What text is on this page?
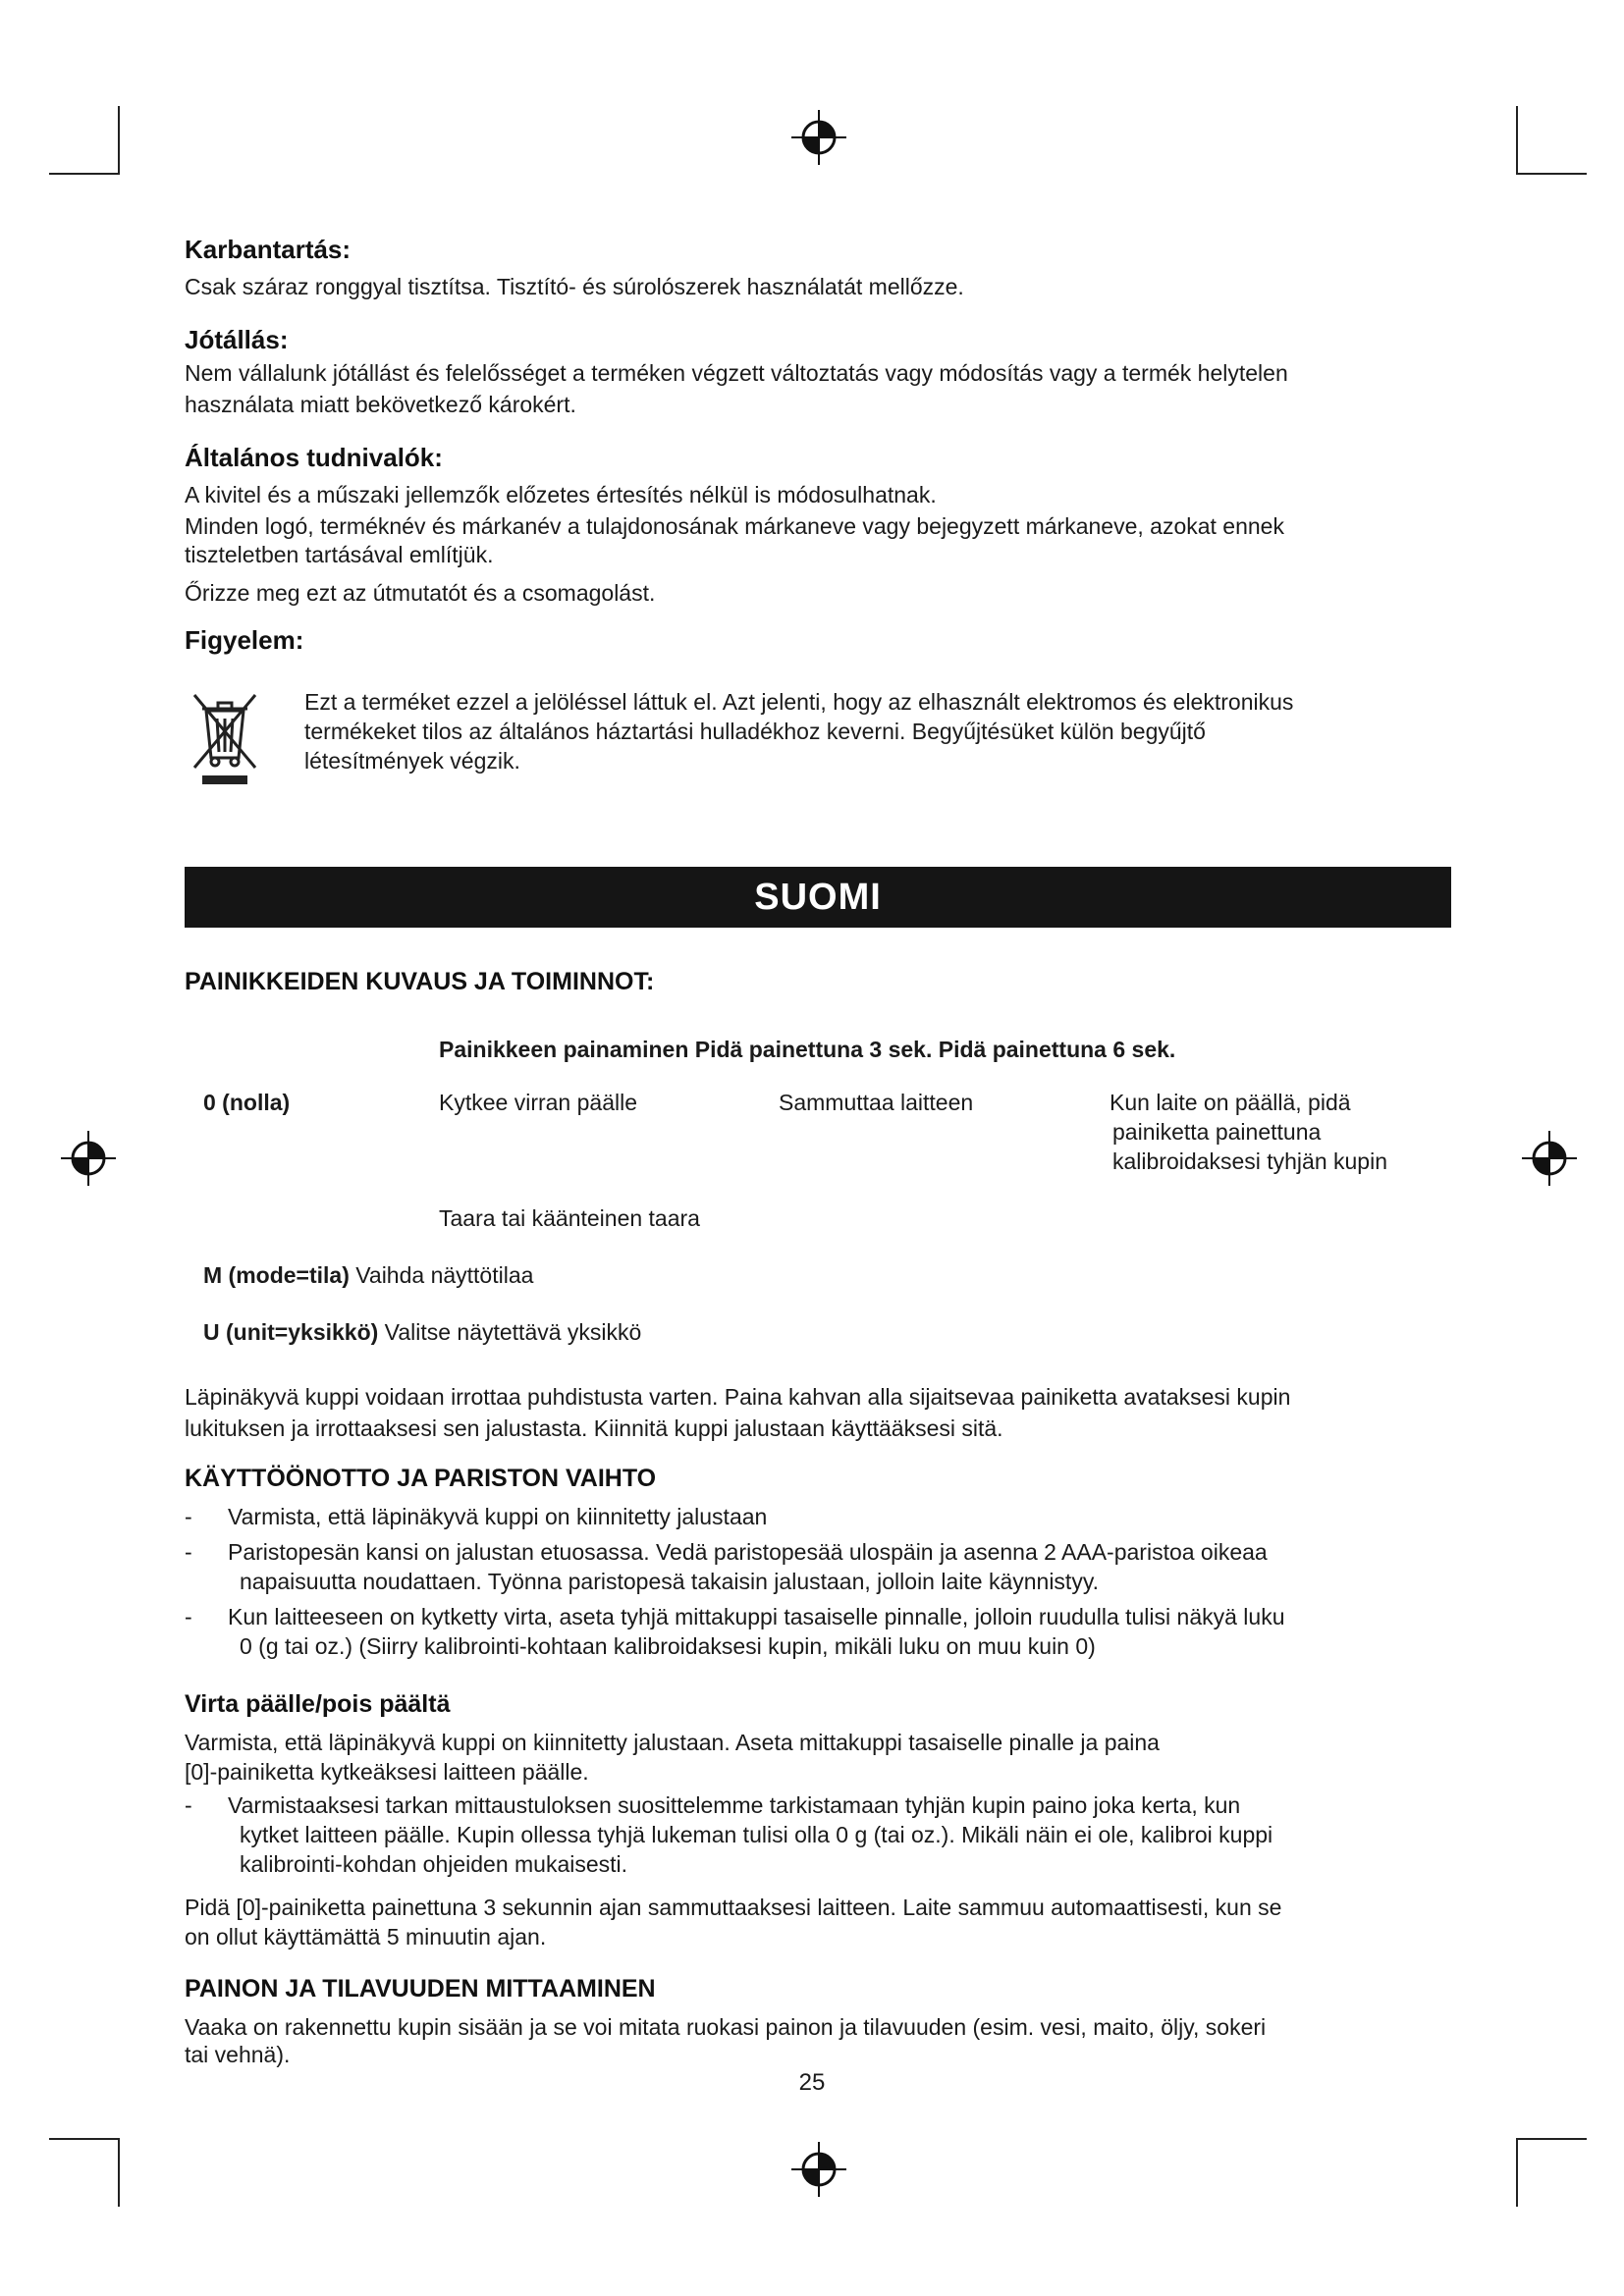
Karbantartás:
Csak száraz ronggyal tisztítsa. Tisztító- és súrolószerek használatát mellőzze.
Jótállás:
Nem vállalunk jótállást és felelősséget a terméken végzett változtatás vagy módosítás vagy a termék helytelen
használata miatt bekövetkező károkért.
Általános tudnivalók:
A kivitel és a műszaki jellemzők előzetes értesítés nélkül is módosulhatnak.
Minden logó, terméknév és márkanév a tulajdonosának márkaneve vagy bejegyzett márkaneve, azokat ennek
tiszteletben tartásával említjük.
Őrizze meg ezt az útmutatót és a csomagolást.
Figyelem:
Ezt a terméket ezzel a jelöléssel láttuk el. Azt jelenti, hogy az elhasznált elektromos és elektronikus
termékeket tilos az általános háztartási hulladékhoz keverni. Begyűjtésüket külön begyűjtő
létesítmények végzik.
SUOMI
PAINIKKEIDEN KUVAUS JA TOIMINNOT:
Painikkeen painaminen Pidä painettuna 3 sek. Pidä painettuna 6 sek.
0 (nolla)	Kytkee virran päälle	Sammuttaa laitteen	Kun laite on päällä, pidä
painiketta painettuna
kalibroidaksesi tyhjän kupin
Taara tai käänteinen taara
M (mode=tila) Vaihda näyttötilaa
U (unit=yksikkö) Valitse näytettävä yksikkö
Läpinäkyvä kuppi voidaan irrottaa puhdistusta varten. Paina kahvan alla sijaitsevaa painiketta avataksesi kupin
lukituksen ja irrottaaksesi sen jalustasta. Kiinnitä kuppi jalustaan käyttääksesi sitä.
KÄYTTÖÖNOTTO JA PARISTON VAIHTO
- Varmista, että läpinäkyvä kuppi on kiinnitetty jalustaan
- Paristopesän kansi on jalustan etuosassa. Vedä paristopesää ulospäin ja asenna 2 AAA-paristoa oikeaa
napaisuutta noudattaen. Työnna paristopesä takaisin jalustaan, jolloin laite käynnistyy.
- Kun laitteeseen on kytketty virta, aseta tyhjä mittakuppi tasaiselle pinnalle, jolloin ruudulla tulisi näkyä luku
0 (g tai oz.) (Siirry kalibrointi-kohtaan kalibroidaksesi kupin, mikäli luku on muu kuin 0)
Virta päälle/pois päältä
Varmista, että läpinäkyvä kuppi on kiinnitetty jalustaan. Aseta mittakuppi tasaiselle pinalle ja paina
[0]-painiketta kytkeäksesi laitteen päälle.
- Varmistaaksesi tarkan mittaustuloksen suosittelemme tarkistamaan tyhjän kupin paino joka kerta, kun
kytket laitteen päälle. Kupin ollessa tyhjä lukeman tulisi olla 0 g (tai oz.). Mikäli näin ei ole, kalibroi kuppi
kalibrointi-kohdan ohjeiden mukaisesti.
Pidä [0]-painiketta painettuna 3 sekunnin ajan sammuttaaksesi laitteen. Laite sammuu automaattisesti, kun se
on ollut käyttämättä 5 minuutin ajan.
PAINON JA TILAVUUDEN MITTAAMINEN
Vaaka on rakennettu kupin sisään ja se voi mitata ruokasi painon ja tilavuuden (esim. vesi, maito, öljy, sokeri
tai vehnä).
25
